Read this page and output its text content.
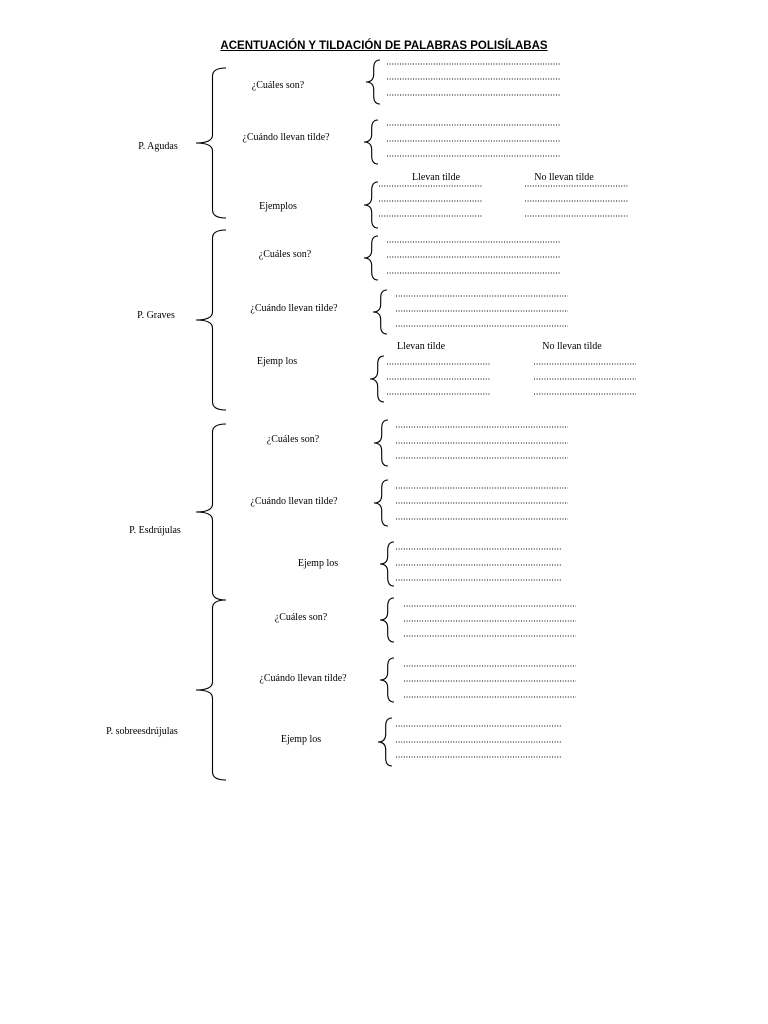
ACENTUACIÓN Y TILDACIÓN DE PALABRAS POLISÍLABAS
P. Agudas
¿Cuáles son?
¿Cuándo llevan tilde?
Ejemplos
Llevan tilde	No llevan tilde
P. Graves
¿Cuáles son?
¿Cuándo llevan tilde?
Ejemp los
Llevan tilde	No llevan tilde
P. Esdrújulas
¿Cuáles son?
¿Cuándo llevan tilde?
Ejemp los
P. sobreesdrújulas
¿Cuáles son?
¿Cuándo llevan tilde?
Ejemp los
